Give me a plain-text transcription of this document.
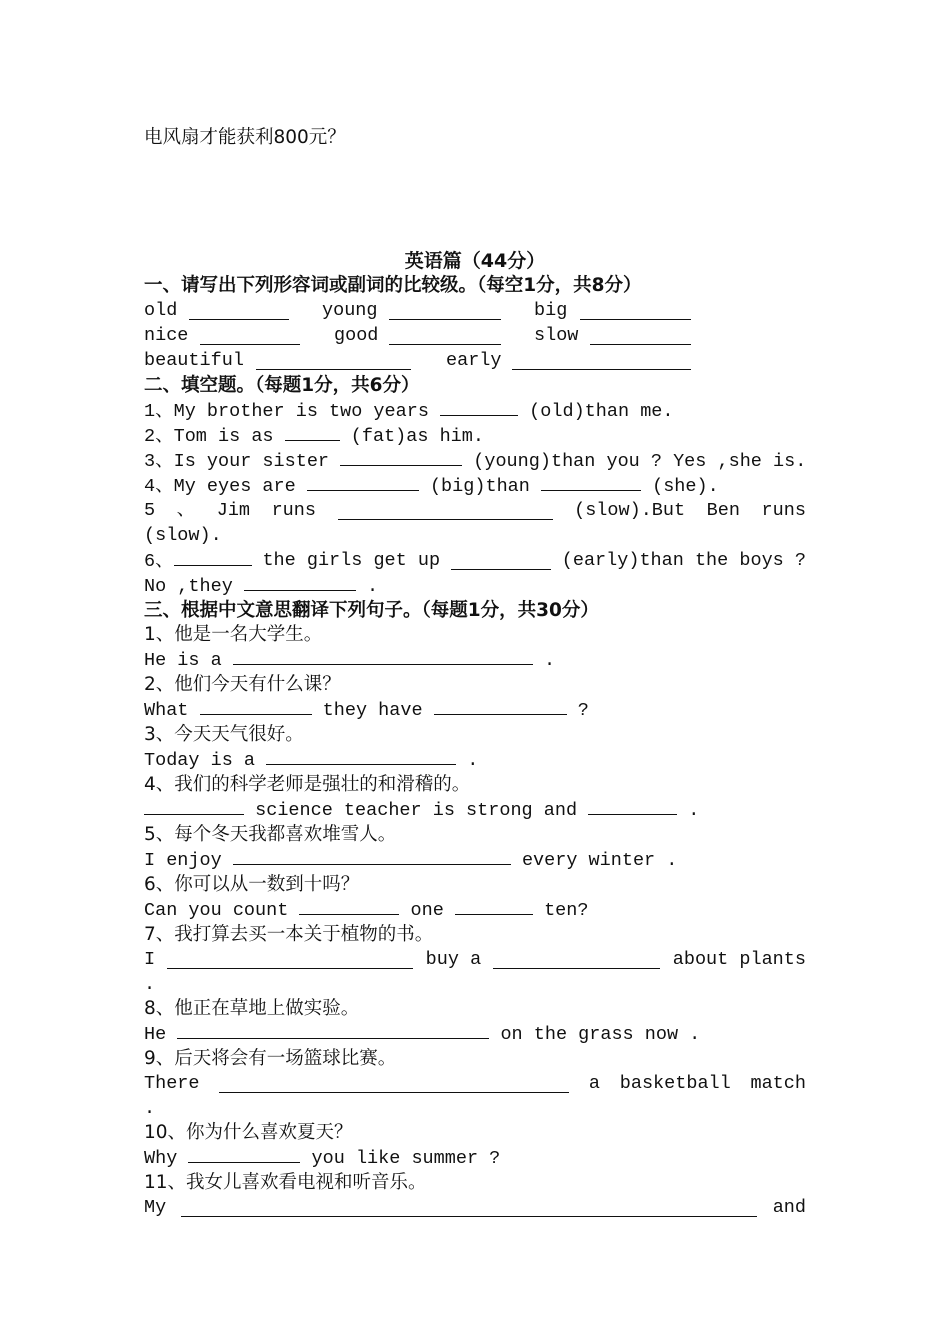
电风扇才能获利800元？
英语篇（44分）
一、请写出下列形容词或副词的比较级。（每空1分，共8分）
old	young	big
nice	good	slow
beautiful	early
二、填空题。（每题1分，共6分）
1、My brother is two years	(old)than me.
2、Tom is as	(fat)as him.
3、Is your sister	(young)than you ? Yes ,she is.
4、My eyes are	(big)than	(she).
5 、 Jim runs	(slow).But Ben runs
(slow).
6、	the girls get up	(early)than the boys ?
No ,they	.
三、根据中文意思翻译下列句子。（每题1分，共30分）
1、他是一名大学生。
He is a	.
2、他们今天有什么课？
What	they have	?
3、今天天气很好。
Today is a	.
4、我们的科学老师是强壮的和滑稽的。
science teacher is strong and	.
5、每个冬天我都喜欢堆雪人。
I enjoy	every winter .
6、你可以从一数到十吗？
Can you count	one	ten?
7、我打算去买一本关于植物的书。
I	buy a	about plants
.
8、他正在草地上做实验。
He	on the grass now .
9、后天将会有一场篮球比赛。
There	a basketball match
.
10、你为什么喜欢夏天？
Why	you like summer ?
11、我女儿喜欢看电视和听音乐。
My	and
